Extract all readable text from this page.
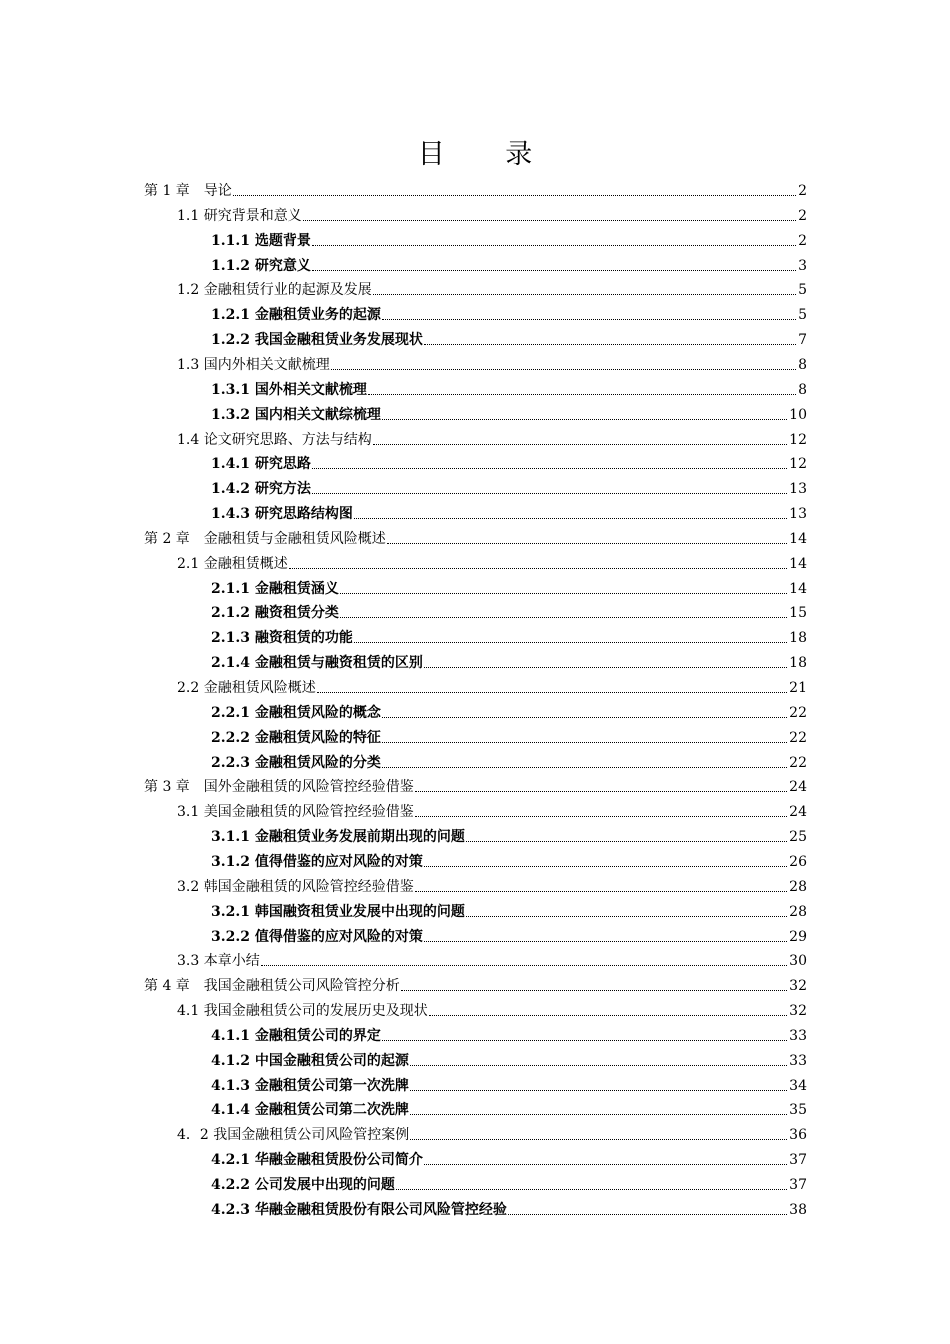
目 录
第 1 章　导论	2
1.1 研究背景和意义	2
1.1.1 选题背景	2
1.1.2 研究意义	3
1.2 金融租赁行业的起源及发展	5
1.2.1 金融租赁业务的起源	5
1.2.2 我国金融租赁业务发展现状	7
1.3 国内外相关文献梳理	8
1.3.1 国外相关文献梳理	8
1.3.2 国内相关文献综梳理	10
1.4 论文研究思路、方法与结构	12
1.4.1 研究思路	12
1.4.2 研究方法	13
1.4.3 研究思路结构图	13
第 2 章　金融租赁与金融租赁风险概述	14
2.1 金融租赁概述	14
2.1.1 金融租赁涵义	14
2.1.2 融资租赁分类	15
2.1.3 融资租赁的功能	18
2.1.4 金融租赁与融资租赁的区别	18
2.2 金融租赁风险概述	21
2.2.1 金融租赁风险的概念	22
2.2.2 金融租赁风险的特征	22
2.2.3 金融租赁风险的分类	22
第 3 章　国外金融租赁的风险管控经验借鉴	24
3.1 美国金融租赁的风险管控经验借鉴	24
3.1.1 金融租赁业务发展前期出现的问题	25
3.1.2 值得借鉴的应对风险的对策	26
3.2 韩国金融租赁的风险管控经验借鉴	28
3.2.1 韩国融资租赁业发展中出现的问题	28
3.2.2 值得借鉴的应对风险的对策	29
3.3 本章小结	30
第 4 章　我国金融租赁公司风险管控分析	32
4.1 我国金融租赁公司的发展历史及现状	32
4.1.1 金融租赁公司的界定	33
4.1.2 中国金融租赁公司的起源	33
4.1.3 金融租赁公司第一次洗牌	34
4.1.4 金融租赁公司第二次洗牌	35
4．2 我国金融租赁公司风险管控案例	36
4.2.1 华融金融租赁股份公司简介	37
4.2.2 公司发展中出现的问题	37
4.2.3 华融金融租赁股份有限公司风险管控经验	38
